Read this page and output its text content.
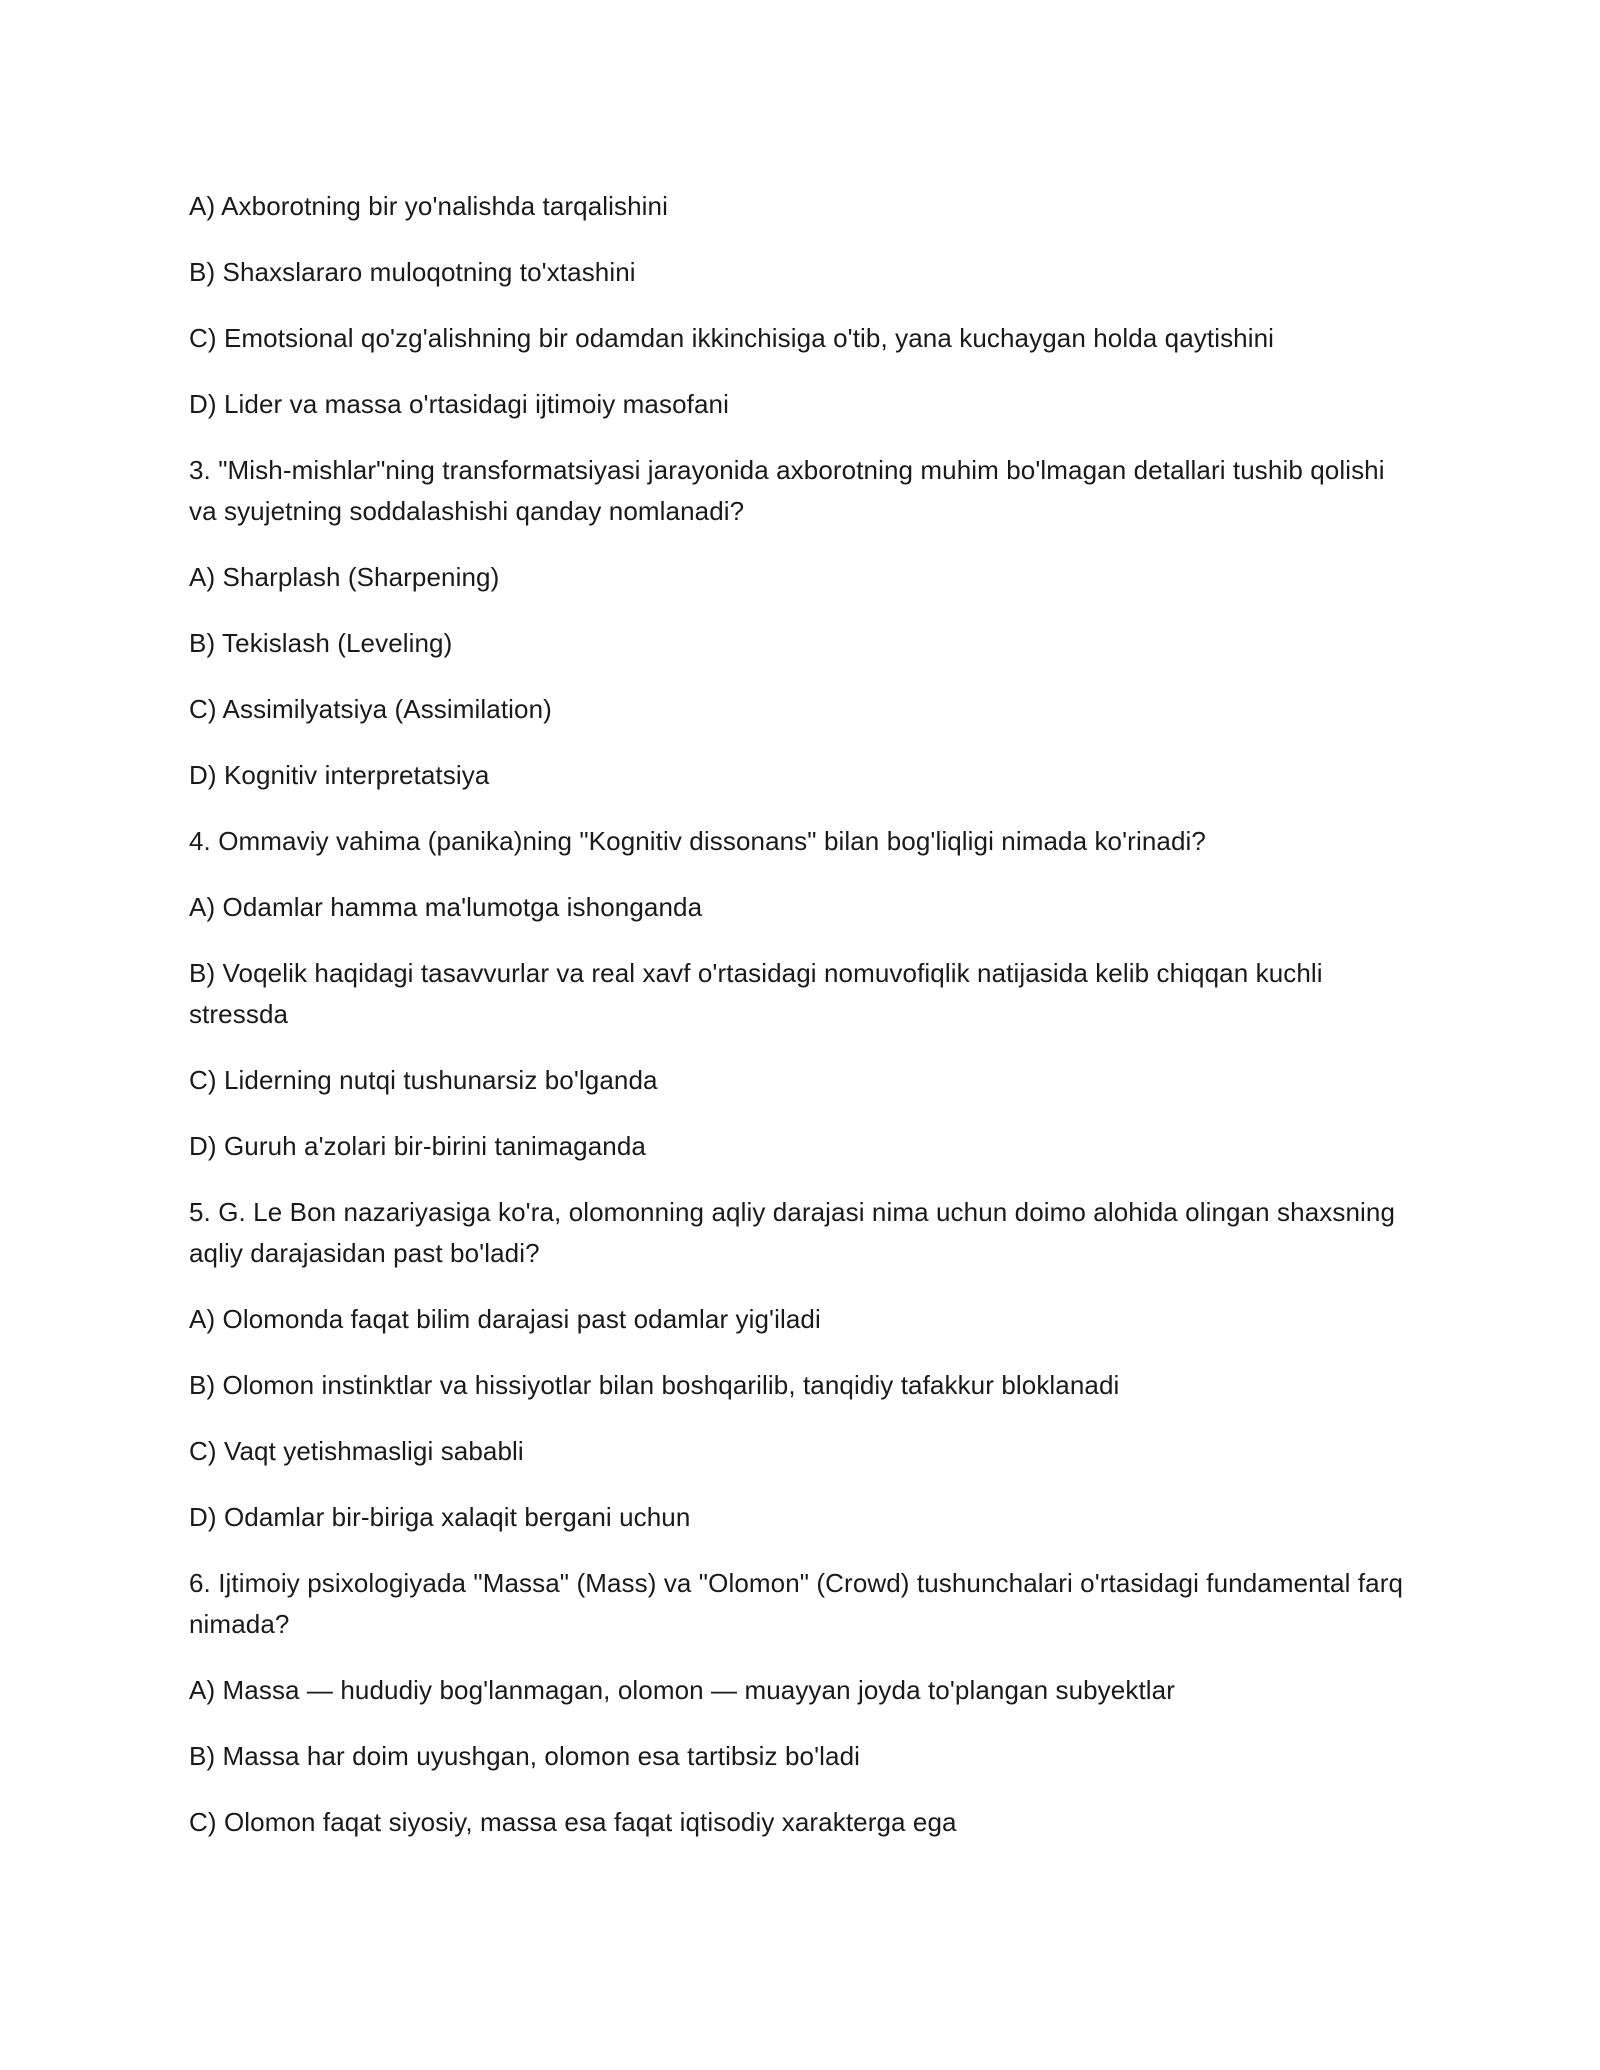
A) Axborotning bir yo'nalishda tarqalishini

B) Shaxslararo muloqotning to'xtashini

C) Emotsional qo'zg'alishning bir odamdan ikkinchisiga o'tib, yana kuchaygan holda qaytishini

D) Lider va massa o'rtasidagi ijtimoiy masofani

3. "Mish-mishlar"ning transformatsiyasi jarayonida axborotning muhim bo'lmagan detallari tushib qolishi va syujetning soddalashishi qanday nomlanadi?

A) Sharplash (Sharpening)

B) Tekislash (Leveling)

C) Assimilyatsiya (Assimilation)

D) Kognitiv interpretatsiya

4. Ommaviy vahima (panika)ning "Kognitiv dissonans" bilan bog'liqligi nimada ko'rinadi?

A) Odamlar hamma ma'lumotga ishonganda

B) Voqelik haqidagi tasavvurlar va real xavf o'rtasidagi nomuvofiqlik natijasida kelib chiqqan kuchli stressda

C) Liderning nutqi tushunarsiz bo'lganda

D) Guruh a'zolari bir-birini tanimaganda

5. G. Le Bon nazariyasiga ko'ra, olomonning aqliy darajasi nima uchun doimo alohida olingan shaxsning aqliy darajasidan past bo'ladi?

A) Olomonda faqat bilim darajasi past odamlar yig'iladi

B) Olomon instinktlar va hissiyotlar bilan boshqarilib, tanqidiy tafakkur bloklanadi

C) Vaqt yetishmasligi sababli

D) Odamlar bir-biriga xalaqit bergani uchun

6. Ijtimoiy psixologiyada "Massa" (Mass) va "Olomon" (Crowd) tushunchalari o'rtasidagi fundamental farq nimada?

A) Massa — hududiy bog'lanmagan, olomon — muayyan joyda to'plangan subyektlar

B) Massa har doim uyushgan, olomon esa tartibsiz bo'ladi

C) Olomon faqat siyosiy, massa esa faqat iqtisodiy xarakterga ega
